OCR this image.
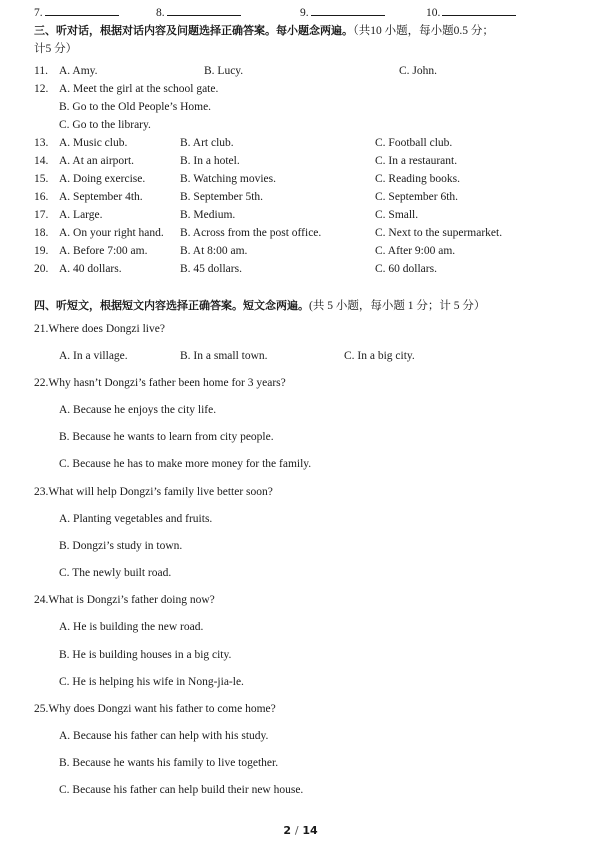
7.	8.	9.	10.
三、听对话，根据对话内容及问题选择正确答案。每小题念两遍。（共10 小题，每小题0.5 分；
计5 分）
11. A. Amy.	B. Lucy.	C. John.
12. A. Meet the girl at the school gate.
B. Go to the Old People’s Home.
C. Go to the library.
13. A. Music club.	B. Art club.	C. Football club.
14. A. At an airport.	B. In a hotel.	C. In a restaurant.
15. A. Doing exercise.	B. Watching movies.	C. Reading books.
16. A. September 4th.	B. September 5th.	C. September 6th.
17. A. Large.	B. Medium.	C. Small.
18. A. On your right hand. B. Across from the post office.	C. Next to the supermarket.
19. A. Before 7:00 am.	B. At 8:00 am.	C. After 9:00 am.
20. A. 40 dollars.	B. 45 dollars.	C. 60 dollars.
四、听短文，根据短文内容选择正确答案。短文念两遍。(共 5 小题，每小题 1 分；计 5 分）
21.Where does Dongzi live?
A. In a village.	B. In a small town.	C. In a big city.
22.Why hasn’t Dongzi’s father been home for 3 years?
A. Because he enjoys the city life.
B. Because he wants to learn from city people.
C. Because he has to make more money for the family.
23.What will help Dongzi’s family live better soon?
A. Planting vegetables and fruits.
B. Dongzi’s study in town.
C. The newly built road.
24.What is Dongzi’s father doing now?
A. He is building the new road.
B. He is building houses in a big city.
C. He is helping his wife in Nong-jia-le.
25.Why does Dongzi want his father to come home?
A. Because his father can help with his study.
B. Because he wants his family to live together.
C. Because his father can help build their new house.
2 / 14
